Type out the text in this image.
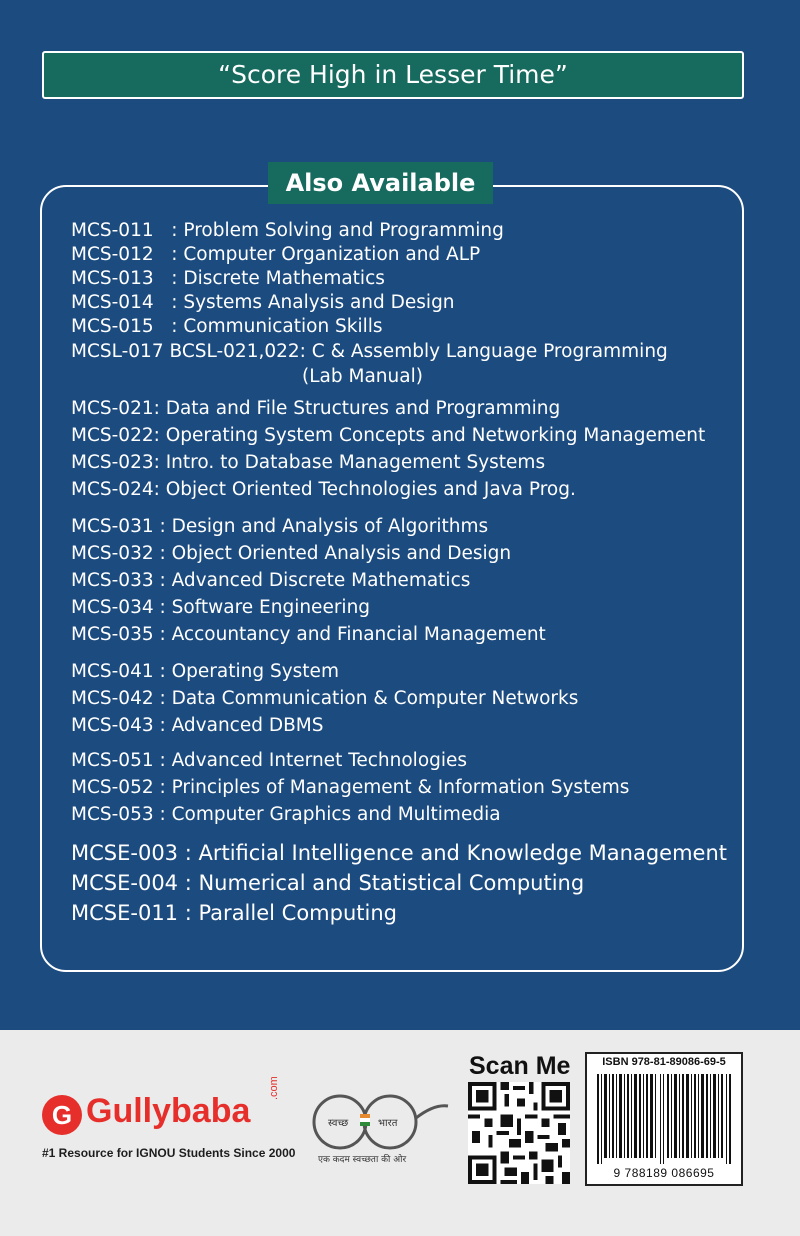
“Score High in Lesser Time”
Also Available
MCS-011   : Problem Solving and Programming
MCS-012   : Computer Organization and ALP
MCS-013   : Discrete Mathematics
MCS-014   : Systems Analysis and Design
MCS-015   : Communication Skills
MCSL-017 BCSL-021,022: C & Assembly Language Programming
(Lab Manual)
MCS-021: Data and File Structures and Programming
MCS-022: Operating System Concepts and Networking Management
MCS-023: Intro. to Database Management Systems
MCS-024: Object Oriented Technologies and Java Prog.
MCS-031 : Design and Analysis of Algorithms
MCS-032 : Object Oriented Analysis and Design
MCS-033 : Advanced Discrete Mathematics
MCS-034 : Software Engineering
MCS-035 : Accountancy and Financial Management
MCS-041 : Operating System
MCS-042 : Data Communication & Computer Networks
MCS-043 : Advanced DBMS
MCS-051 : Advanced Internet Technologies
MCS-052 : Principles of Management & Information Systems
MCS-053 : Computer Graphics and Multimedia
MCSE-003 : Artificial Intelligence and Knowledge Management
MCSE-004 : Numerical and Statistical Computing
MCSE-011 : Parallel Computing
G Gullybaba
.com
#1 Resource for IGNOU Students Since 2000
स्वच्छ	भारत
एक कदम स्वच्छता की ओर
Scan Me	ISBN 978-81-89086-69-5
9 788189 086695
